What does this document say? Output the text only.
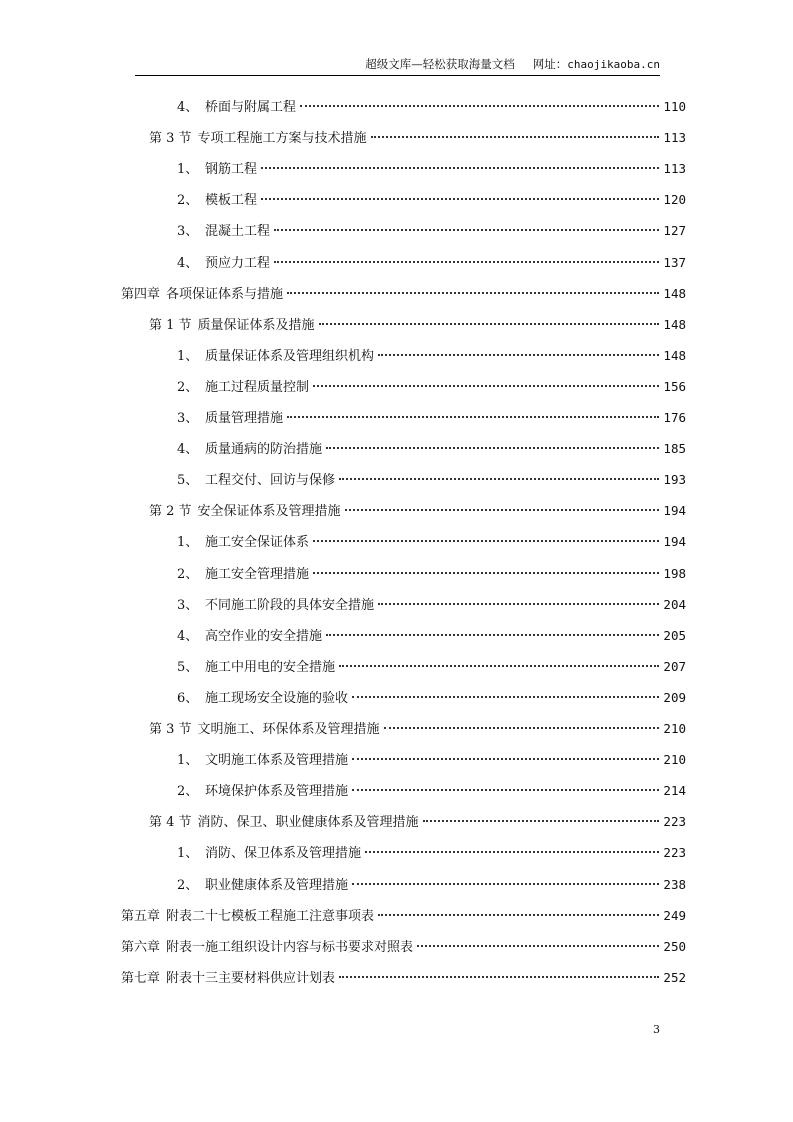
超级文库—轻松获取海量文档 网址：chaojikaoba.cn
4、 桥面与附属工程	110
第 3 节 专项工程施工方案与技术措施	113
1、 钢筋工程	113
2、 模板工程	120
3、 混凝土工程	127
4、 预应力工程	137
第四章 各项保证体系与措施	148
第 1 节 质量保证体系及措施	148
1、 质量保证体系及管理组织机构	148
2、 施工过程质量控制	156
3、 质量管理措施	176
4、 质量通病的防治措施	185
5、 工程交付、回访与保修	193
第 2 节 安全保证体系及管理措施	194
1、 施工安全保证体系	194
2、 施工安全管理措施	198
3、 不同施工阶段的具体安全措施	204
4、 高空作业的安全措施	205
5、 施工中用电的安全措施	207
6、 施工现场安全设施的验收	209
第 3 节 文明施工、环保体系及管理措施	210
1、 文明施工体系及管理措施	210
2、 环境保护体系及管理措施	214
第 4 节 消防、保卫、职业健康体系及管理措施	223
1、 消防、保卫体系及管理措施	223
2、 职业健康体系及管理措施	238
第五章 附表二十七模板工程施工注意事项表	249
第六章 附表一施工组织设计内容与标书要求对照表	250
第七章 附表十三主要材料供应计划表	252
3
